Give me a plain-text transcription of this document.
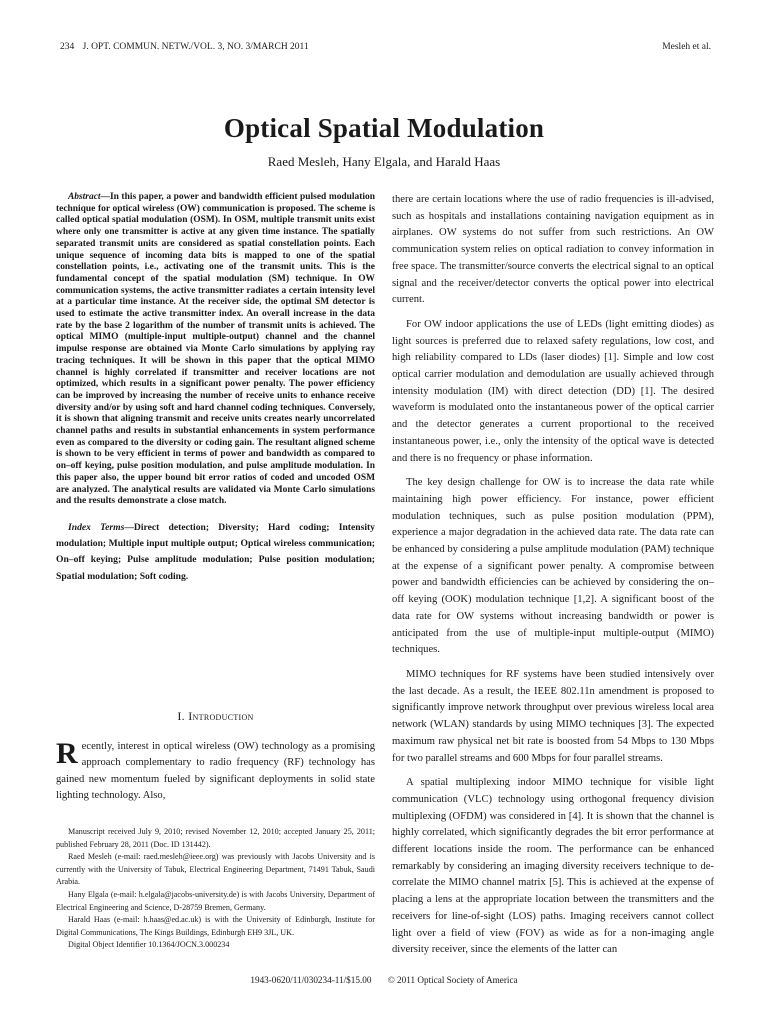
234 J. OPT. COMMUN. NETW./VOL. 3, NO. 3/MARCH 2011	Mesleh et al.
Optical Spatial Modulation
Raed Mesleh, Hany Elgala, and Harald Haas

Abstract—In this paper, a power and bandwidth efficient pulsed modulation technique for optical wireless (OW) communication is proposed. The scheme is called optical spatial modulation (OSM). In OSM, multiple transmit units exist where only one transmitter is active at any given time instance. The spatially separated transmit units are considered as spatial constellation points. Each unique sequence of incoming data bits is mapped to one of the spatial constellation points, i.e., activating one of the transmit units. This is the fundamental concept of the spatial modulation (SM) technique. In OW communication systems, the active transmitter radiates a certain intensity level at a particular time instance. At the receiver side, the optimal SM detector is used to estimate the active transmitter index. An overall increase in the data rate by the base 2 logarithm of the number of transmit units is achieved. The optical MIMO (multiple-input multiple-output) channel and the channel impulse response are obtained via Monte Carlo simulations by applying ray tracing techniques. It will be shown in this paper that the optical MIMO channel is highly correlated if transmitter and receiver locations are not optimized, which results in a significant power penalty. The power efficiency can be improved by increasing the number of receive units to enhance receive diversity and/or by using soft and hard channel coding techniques. Conversely, it is shown that aligning transmit and receive units creates nearly uncorrelated channel paths and results in substantial enhancements in system performance even as compared to the diversity or coding gain. The resultant aligned scheme is shown to be very efficient in terms of power and bandwidth as compared to on–off keying, pulse position modulation, and pulse amplitude modulation. In this paper also, the upper bound bit error ratios of coded and uncoded OSM are analyzed. The analytical results are validated via Monte Carlo simulations and the results demonstrate a close match.

Index Terms—Direct detection; Diversity; Hard coding; Intensity modulation; Multiple input multiple output; Optical wireless communication; On–off keying; Pulse amplitude modulation; Pulse position modulation; Spatial modulation; Soft coding.

I. Introduction

Recently, interest in optical wireless (OW) technology as a promising approach complementary to radio frequency (RF) technology has gained new momentum fueled by significant deployments in solid state lighting technology. Also,

Manuscript received July 9, 2010; revised November 12, 2010; accepted January 25, 2011; published February 28, 2011 (Doc. ID 131442).

Raed Mesleh (e-mail: raed.meslеh@ieee.org) was previously with Jacobs University and is currently with the University of Tabuk, Electrical Engineering Department, 71491 Tabuk, Saudi Arabia.

Hany Elgala (e-mail: h.elgala@jacobs-university.de) is with Jacobs University, Department of Electrical Engineering and Science, D-28759 Bremen, Germany.

Harald Haas (e-mail: h.haas@ed.ac.uk) is with the University of Edinburgh, Institute for Digital Communications, The Kings Buildings, Edinburgh EH9 3JL, UK.

Digital Object Identifier 10.1364/JOCN.3.000234

there are certain locations where the use of radio frequencies is ill-advised, such as hospitals and installations containing navigation equipment as in airplanes. OW systems do not suffer from such restrictions. An OW communication system relies on optical radiation to convey information in free space. The transmitter/source converts the electrical signal to an optical signal and the receiver/detector converts the optical power into electrical current.

For OW indoor applications the use of LEDs (light emitting diodes) as light sources is preferred due to relaxed safety regulations, low cost, and high reliability compared to LDs (laser diodes) [1]. Simple and low cost optical carrier modulation and demodulation are usually achieved through intensity modulation (IM) with direct detection (DD) [1]. The desired waveform is modulated onto the instantaneous power of the optical carrier and the detector generates a current proportional to the received instantaneous power, i.e., only the intensity of the optical wave is detected and there is no frequency or phase information.

The key design challenge for OW is to increase the data rate while maintaining high power efficiency. For instance, power efficient modulation techniques, such as pulse position modulation (PPM), experience a major degradation in the achieved data rate. The data rate can be enhanced by considering a pulse amplitude modulation (PAM) technique at the expense of a significant power penalty. A compromise between power and bandwidth efficiencies can be achieved by considering the on–off keying (OOK) modulation technique [1,2]. A significant boost of the data rate for OW systems without increasing bandwidth or power is anticipated from the use of multiple-input multiple-output (MIMO) techniques.

MIMO techniques for RF systems have been studied intensively over the last decade. As a result, the IEEE 802.11n amendment is proposed to significantly improve network throughput over previous wireless local area network (WLAN) standards by using MIMO techniques [3]. The expected maximum raw physical net bit rate is boosted from 54 Mbps to 130 Mbps for two parallel streams and 600 Mbps for four parallel streams.

A spatial multiplexing indoor MIMO technique for visible light communication (VLC) technology using orthogonal frequency division multiplexing (OFDM) was considered in [4]. It is shown that the channel is highly correlated, which significantly degrades the bit error performance at different locations inside the room. The performance can be enhanced remarkably by considering an imaging diversity receivers technique to de-correlate the MIMO channel matrix [5]. This is achieved at the expense of placing a lens at the appropriate location between the transmitters and the receivers for line-of-sight (LOS) paths. Imaging receivers cannot collect light over a field of view (FOV) as wide as for a non-imaging angle diversity receiver, since the elements of the latter can

1943-0620/11/030234-11/$15.00 © 2011 Optical Society of America
